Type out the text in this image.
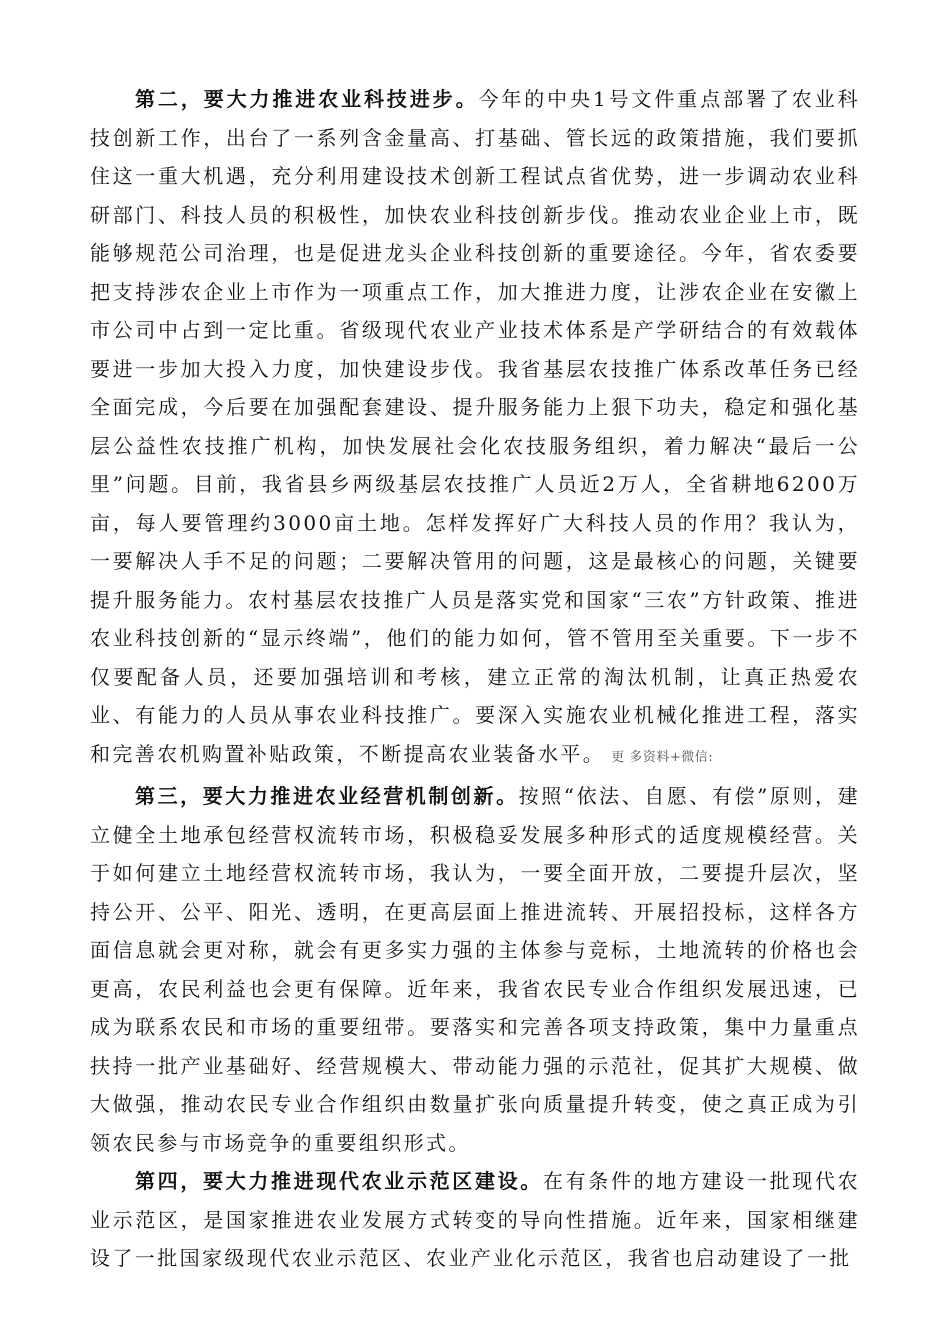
第二，要大力推进农业科技进步。今年的中央1号文件重点部署了农业科技创新工作，出台了一系列含金量高、打基础、管长远的政策措施，我们要抓住这一重大机遇，充分利用建设技术创新工程试点省优势，进一步调动农业科研部门、科技人员的积极性，加快农业科技创新步伐。推动农业企业上市，既能够规范公司治理，也是促进龙头企业科技创新的重要途径。今年，省农委要把支持涉农企业上市作为一项重点工作，加大推进力度，让涉农企业在安徽上市公司中占到一定比重。省级现代农业产业技术体系是产学研结合的有效载体要进一步加大投入力度，加快建设步伐。我省基层农技推广体系改革任务已经全面完成，今后要在加强配套建设、提升服务能力上狠下功夫，稳定和强化基层公益性农技推广机构，加快发展社会化农技服务组织，着力解决“最后一公里”问题。目前，我省县乡两级基层农技推广人员近2万人，全省耕地6200万亩，每人要管理约3000亩土地。怎样发挥好广大科技人员的作用？我认为，一要解决人手不足的问题；二要解决管用的问题，这是最核心的问题，关键要提升服务能力。农村基层农技推广人员是落实党和国家“三农”方针政策、推进农业科技创新的“显示终端”，他们的能力如何，管不管用至关重要。下一步不仅要配备人员，还要加强培训和考核，建立正常的淘汰机制，让真正热爱农业、有能力的人员从事农业科技推广。要深入实施农业机械化推进工程，落实和完善农机购置补贴政策，不断提高农业装备水平。 更 多资料+微信:

第三，要大力推进农业经营机制创新。按照“依法、自愿、有偿”原则，建立健全土地承包经营权流转市场，积极稳妥发展多种形式的适度规模经营。关于如何建立土地经营权流转市场，我认为，一要全面开放，二要提升层次，坚持公开、公平、阳光、透明，在更高层面上推进流转、开展招投标，这样各方面信息就会更对称，就会有更多实力强的主体参与竞标，土地流转的价格也会更高，农民利益也会更有保障。近年来，我省农民专业合作组织发展迅速，已成为联系农民和市场的重要纽带。要落实和完善各项支持政策，集中力量重点扶持一批产业基础好、经营规模大、带动能力强的示范社，促其扩大规模、做大做强，推动农民专业合作组织由数量扩张向质量提升转变，使之真正成为引领农民参与市场竞争的重要组织形式。

第四，要大力推进现代农业示范区建设。在有条件的地方建设一批现代农业示范区，是国家推进农业发展方式转变的导向性措施。近年来，国家相继建设了一批国家级现代农业示范区、农业产业化示范区，我省也启动建设了一批
